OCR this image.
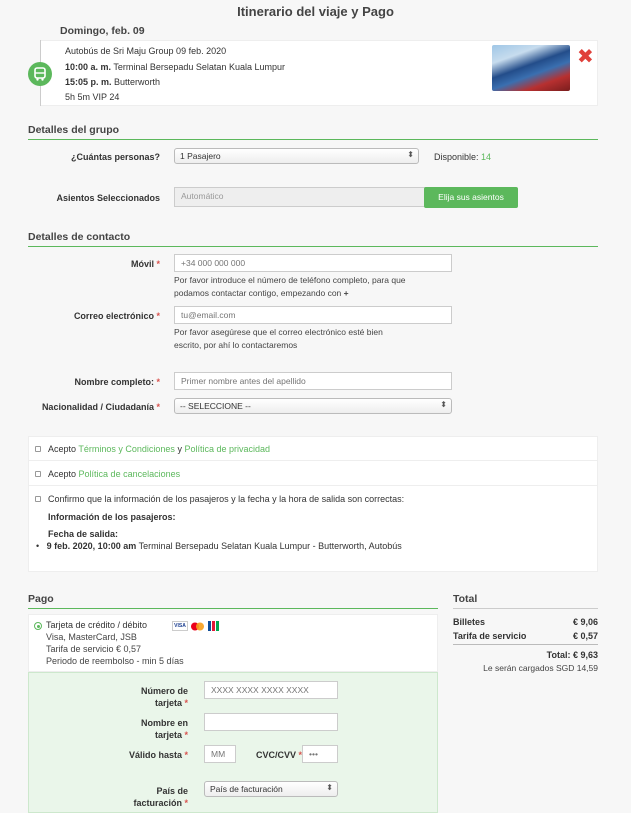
Itinerario del viaje y Pago
Domingo, feb. 09
Autobús de Sri Maju Group 09 feb. 2020
10:00 a. m. Terminal Bersepadu Selatan Kuala Lumpur
15:05 p. m. Butterworth
5h 5m VIP 24
✖
Detalles del grupo
¿Cuántas personas?	1 Pasajero	⬍ Disponible: 14
Asientos Seleccionados	Automático	Elija sus asientos
Detalles de contacto
Móvil *
+34 000 000 000
Por favor introduce el número de teléfono completo, para que
podamos contactar contigo, empezando con +
Correo electrónico *
tu@email.com
Por favor asegúrese que el correo electrónico esté bien
escrito, por ahí lo contactaremos
Nombre completo: *
Primer nombre antes del apellido
Nacionalidad / Ciudadanía *	-- SELECCIONE --	⬍
Acepto Términos y Condiciones y Política de privacidad
Acepto Política de cancelaciones
Confirmo que la información de los pasajeros y la fecha y la hora de salida son correctas:
Información de los pasajeros:
Fecha de salida:
•   9 feb. 2020, 10:00 am Terminal Bersepadu Selatan Kuala Lumpur - Butterworth, Autobús
Pago
Tarjeta de crédito / débito	VISA
Visa, MasterCard, JSB
Tarifa de servicio € 0,57
Periodo de reembolso - min 5 días
Número de tarjeta *
XXXX XXXX XXXX XXXX
Nombre en tarjeta *
Válido hasta *
MM	CVC/CVV *
•••
País de facturación *
País de facturación	⬍
Total
Billetes	€ 9,06
Tarifa de servicio	€ 0,57
Total: € 9,63
Le serán cargados SGD 14,59
